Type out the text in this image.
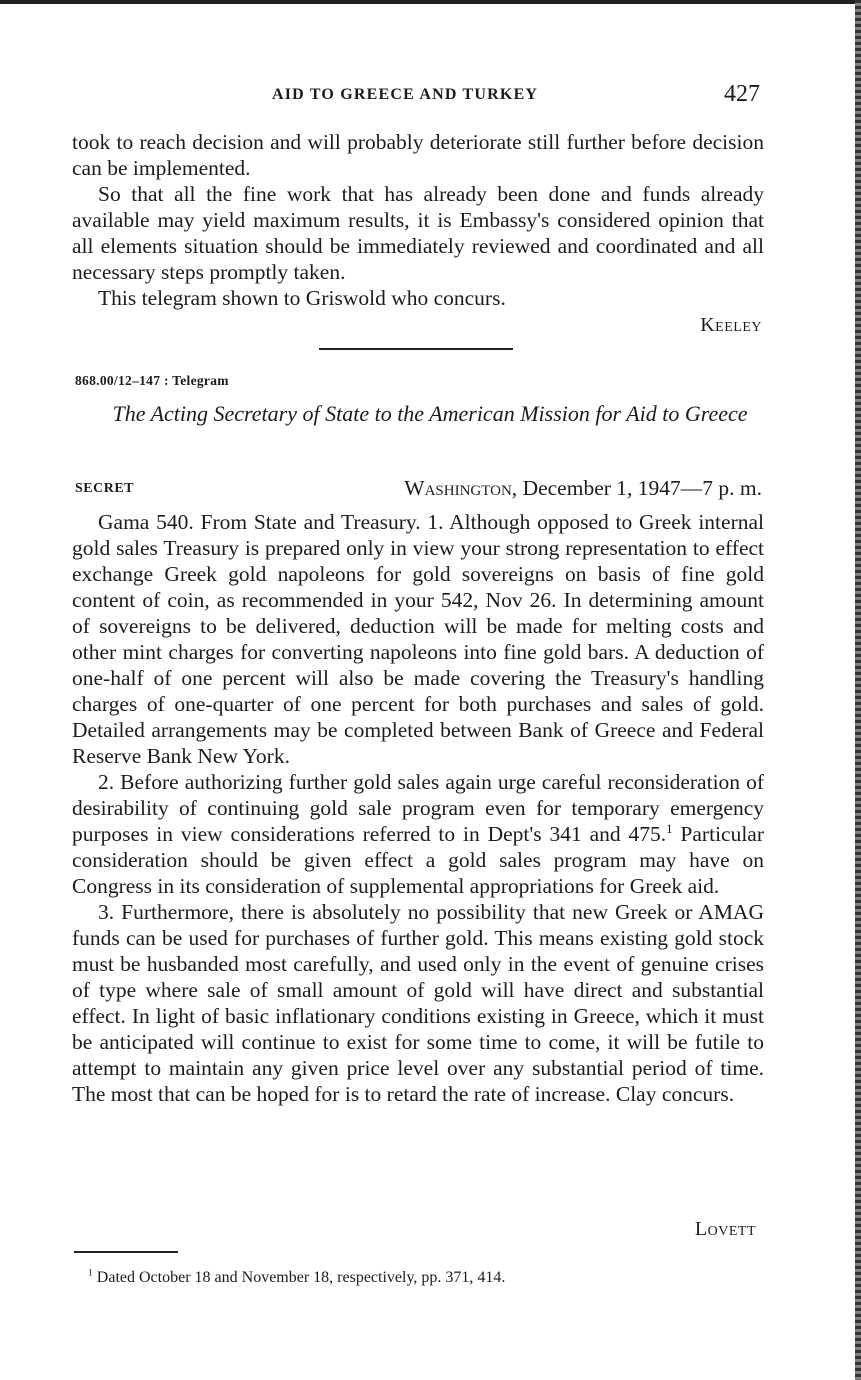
AID TO GREECE AND TURKEY	427

took to reach decision and will probably deteriorate still further before decision can be implemented.

So that all the fine work that has already been done and funds already available may yield maximum results, it is Embassy's considered opinion that all elements situation should be immediately reviewed and coordinated and all necessary steps promptly taken.

This telegram shown to Griswold who concurs.

Keeley
868.00/12–147 : Telegram
The Acting Secretary of State to the American Mission for Aid to Greece
SECRET	Washington, December 1, 1947—7 p. m.

Gama 540. From State and Treasury. 1. Although opposed to Greek internal gold sales Treasury is prepared only in view your strong representation to effect exchange Greek gold napoleons for gold sovereigns on basis of fine gold content of coin, as recommended in your 542, Nov 26. In determining amount of sovereigns to be delivered, deduction will be made for melting costs and other mint charges for converting napoleons into fine gold bars. A deduction of one-half of one percent will also be made covering the Treasury's handling charges of one-quarter of one percent for both purchases and sales of gold. Detailed arrangements may be completed between Bank of Greece and Federal Reserve Bank New York.

2. Before authorizing further gold sales again urge careful reconsideration of desirability of continuing gold sale program even for temporary emergency purposes in view considerations referred to in Dept's 341 and 475.$^1$ Particular consideration should be given effect a gold sales program may have on Congress in its consideration of supplemental appropriations for Greek aid.

3. Furthermore, there is absolutely no possibility that new Greek or AMAG funds can be used for purchases of further gold. This means existing gold stock must be husbanded most carefully, and used only in the event of genuine crises of type where sale of small amount of gold will have direct and substantial effect. In light of basic inflationary conditions existing in Greece, which it must be anticipated will continue to exist for some time to come, it will be futile to attempt to maintain any given price level over any substantial period of time. The most that can be hoped for is to retard the rate of increase. Clay concurs.

Lovett
$^1$ Dated October 18 and November 18, respectively, pp. 371, 414.
